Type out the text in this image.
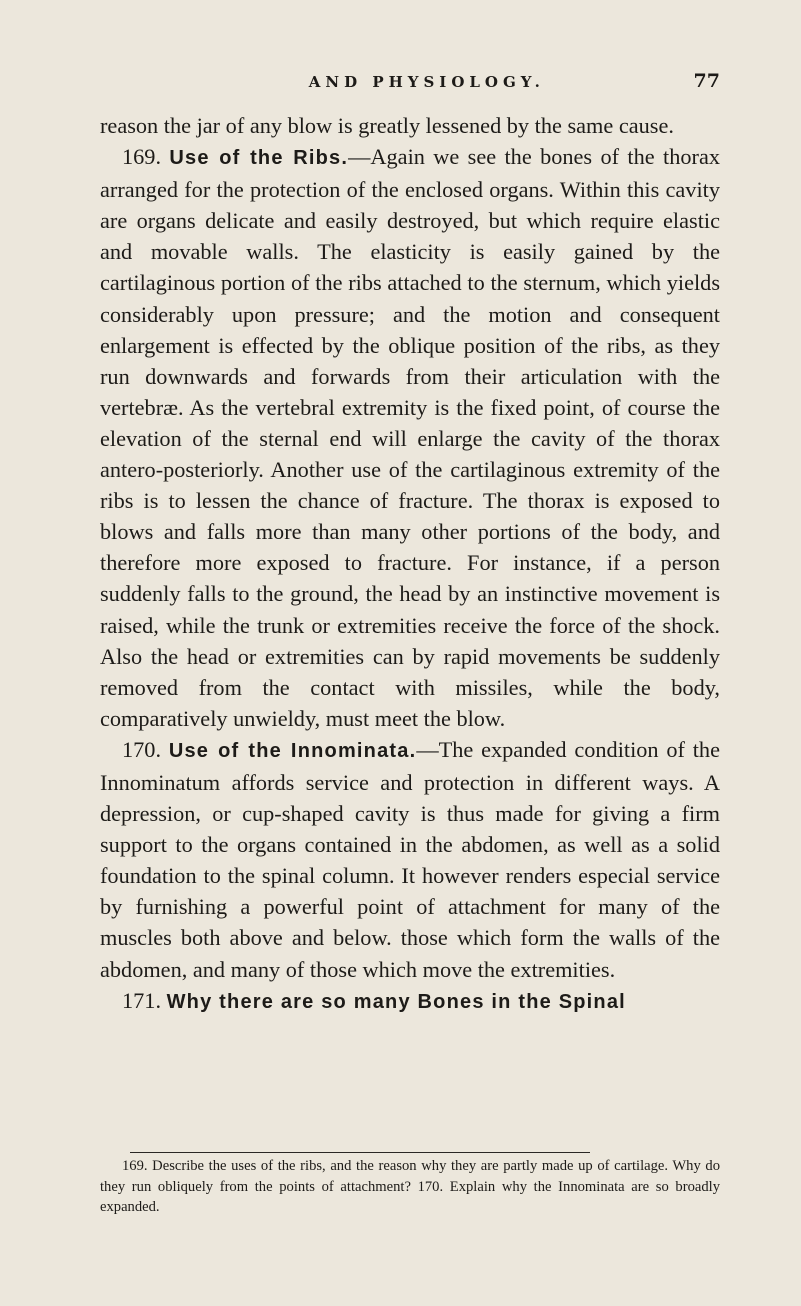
AND PHYSIOLOGY.	77

reason the jar of any blow is greatly lessened by the same cause.

169. Use of the Ribs.—Again we see the bones of the thorax arranged for the protection of the enclosed organs. Within this cavity are organs delicate and easily destroyed, but which require elastic and movable walls. The elasticity is easily gained by the cartilaginous portion of the ribs attached to the sternum, which yields considerably upon pressure; and the motion and consequent enlargement is effected by the oblique position of the ribs, as they run downwards and forwards from their articulation with the vertebræ. As the vertebral extremity is the fixed point, of course the elevation of the sternal end will enlarge the cavity of the thorax antero-posteriorly. Another use of the cartilaginous extremity of the ribs is to lessen the chance of fracture. The thorax is exposed to blows and falls more than many other portions of the body, and therefore more exposed to fracture. For instance, if a person suddenly falls to the ground, the head by an instinctive movement is raised, while the trunk or extremities receive the force of the shock. Also the head or extremities can by rapid movements be suddenly removed from the contact with missiles, while the body, comparatively unwieldy, must meet the blow.

170. Use of the Innominata.—The expanded condition of the Innominatum affords service and protection in different ways. A depression, or cup-shaped cavity is thus made for giving a firm support to the organs contained in the abdomen, as well as a solid foundation to the spinal column. It however renders especial service by furnishing a powerful point of attachment for many of the muscles both above and below. those which form the walls of the abdomen, and many of those which move the extremities.

171. Why there are so many Bones in the Spinal

169. Describe the uses of the ribs, and the reason why they are partly made up of cartilage. Why do they run obliquely from the points of attachment? 170. Explain why the Innominata are so broadly expanded.
